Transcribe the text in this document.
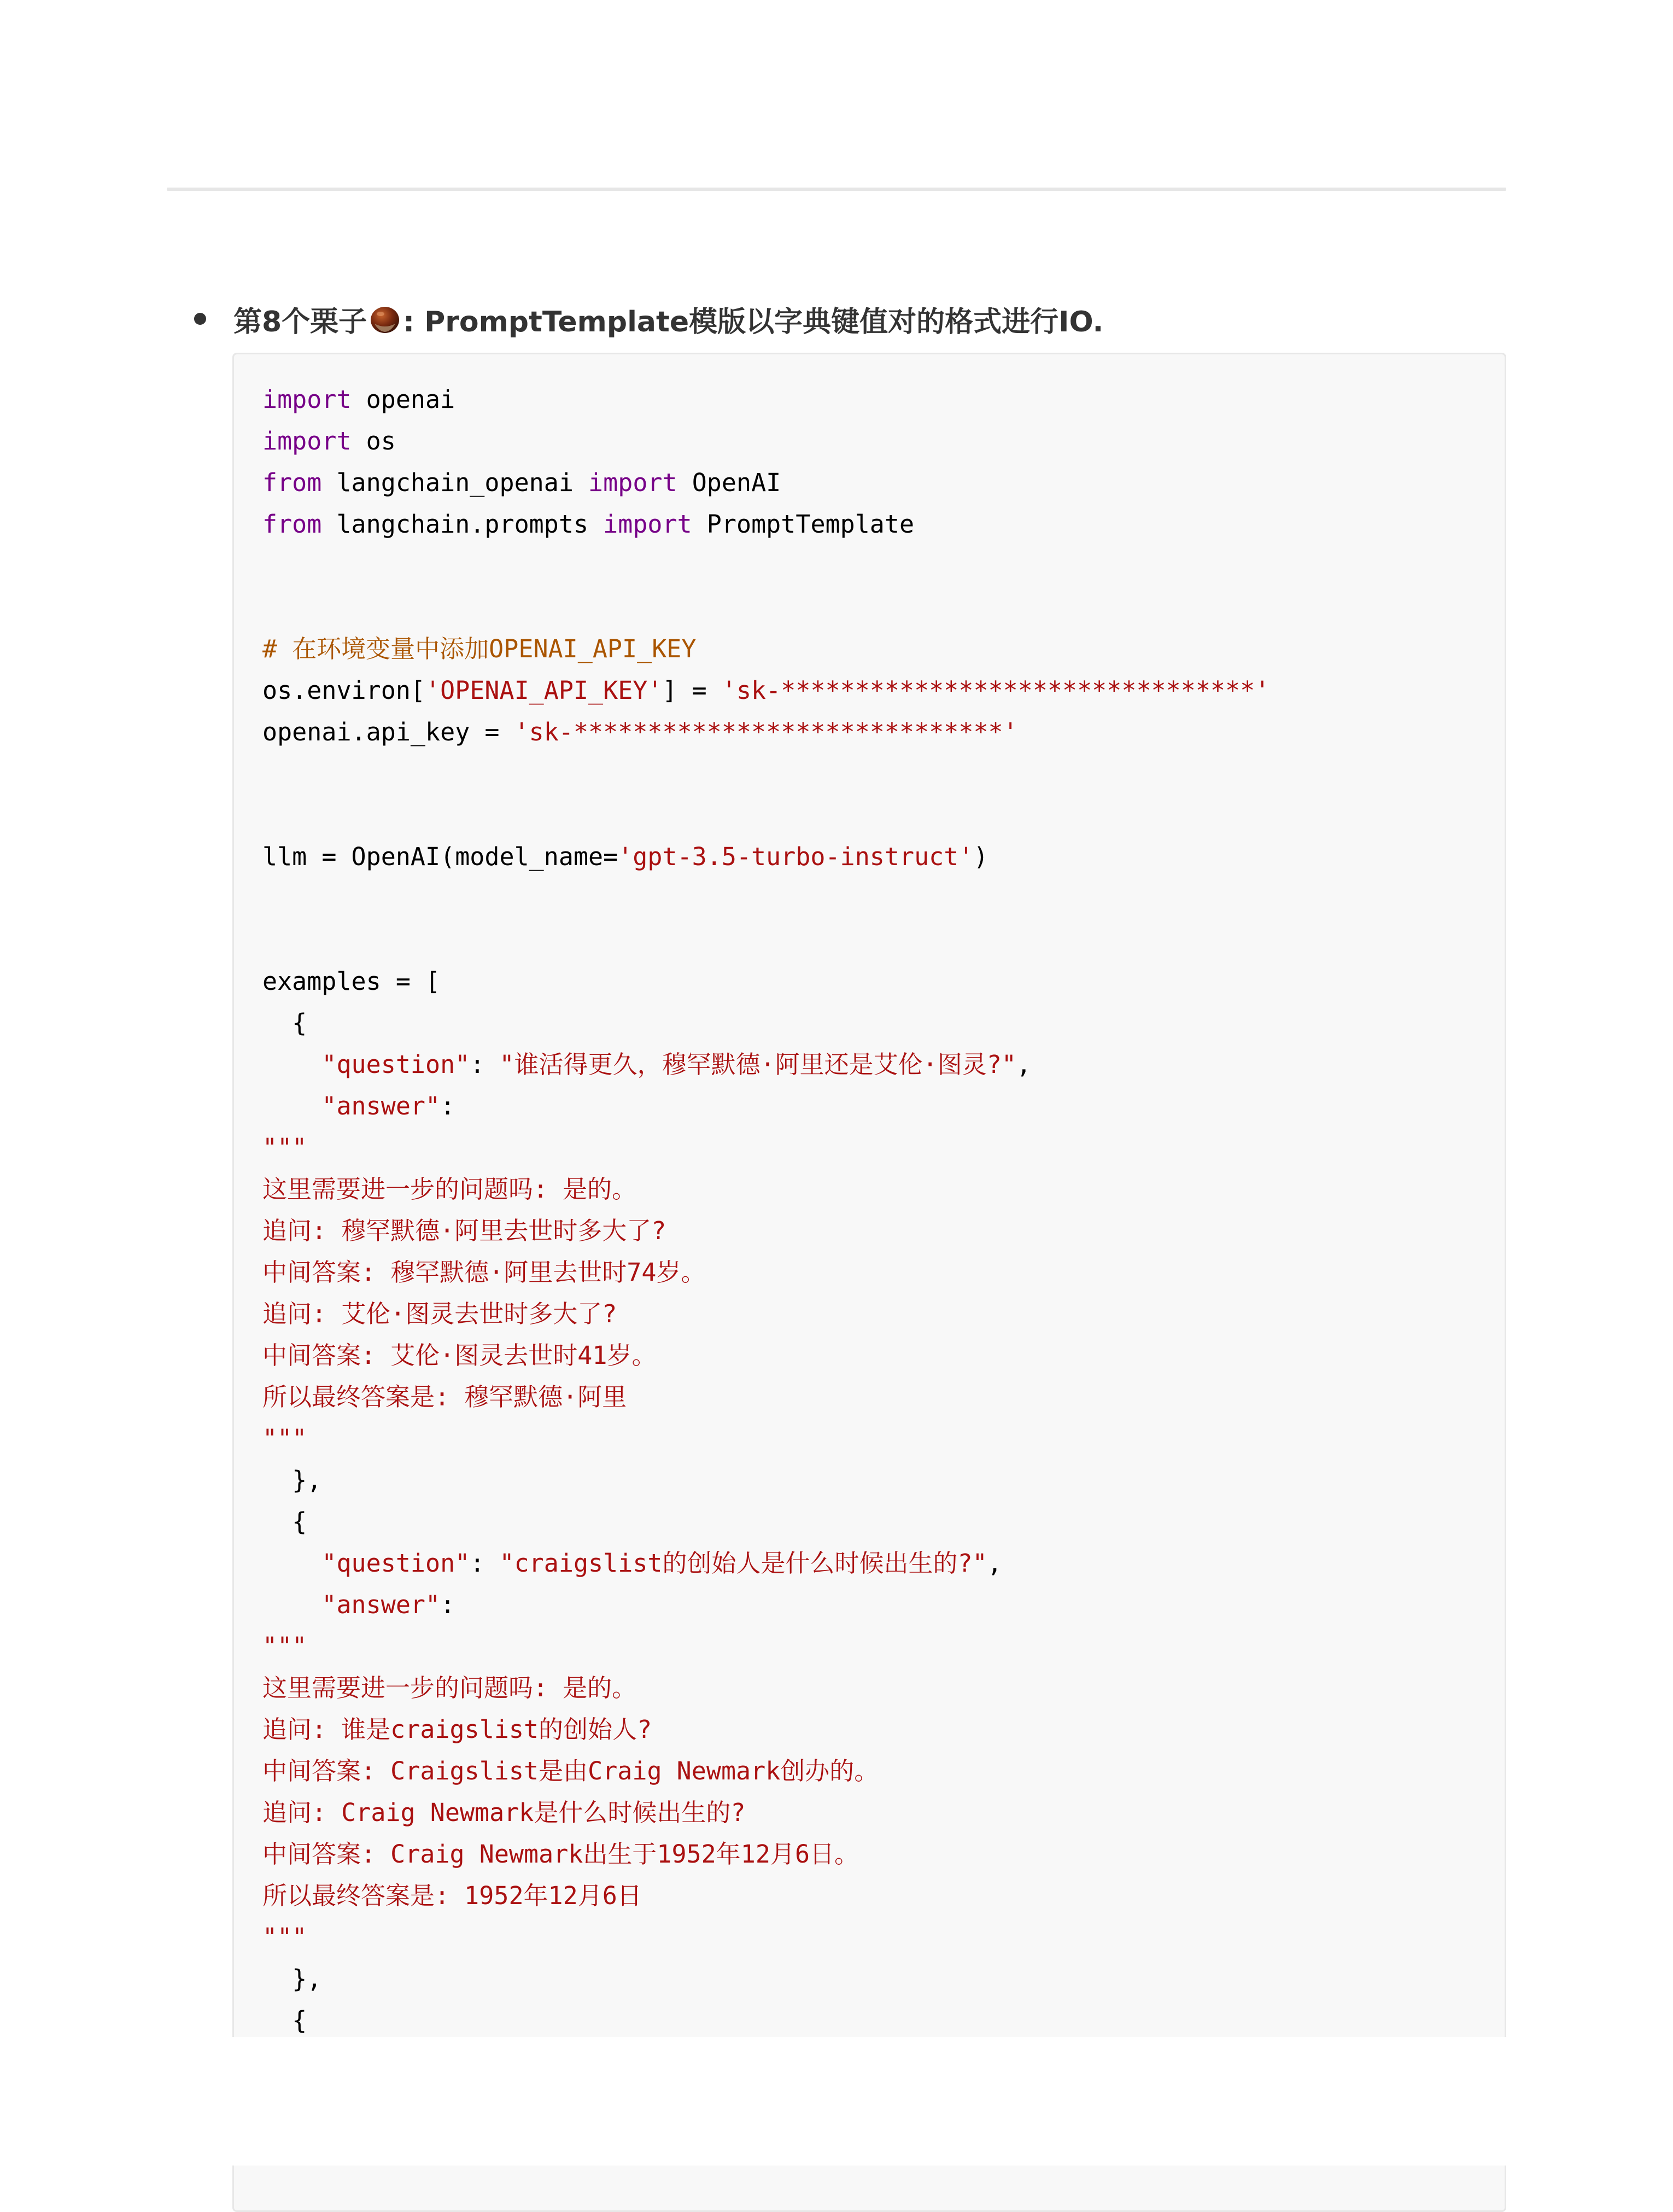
第8个栗子 : PromptTemplate模版以字典键值对的格式进行IO.
import openai
import os
from langchain_openai import OpenAI
from langchain.prompts import PromptTemplate

# 在环境变量中添加OPENAI_API_KEY
os.environ['OPENAI_API_KEY'] = 'sk-********************************'
openai.api_key = 'sk-*****************************'

llm = OpenAI(model_name='gpt-3.5-turbo-instruct')

examples = [
{
"question": "谁活得更久，穆罕默德·阿里还是艾伦·图灵?",
"answer":
"""
这里需要进一步的问题吗: 是的。
追问: 穆罕默德·阿里去世时多大了?
中间答案: 穆罕默德·阿里去世时74岁。
追问: 艾伦·图灵去世时多大了?
中间答案: 艾伦·图灵去世时41岁。
所以最终答案是: 穆罕默德·阿里
"""
},
{
"question": "craigslist的创始人是什么时候出生的?",
"answer":
"""
这里需要进一步的问题吗: 是的。
追问: 谁是craigslist的创始人?
中间答案: Craigslist是由Craig Newmark创办的。
追问: Craig Newmark是什么时候出生的?
中间答案: Craig Newmark出生于1952年12月6日。
所以最终答案是: 1952年12月6日
"""
},
{
